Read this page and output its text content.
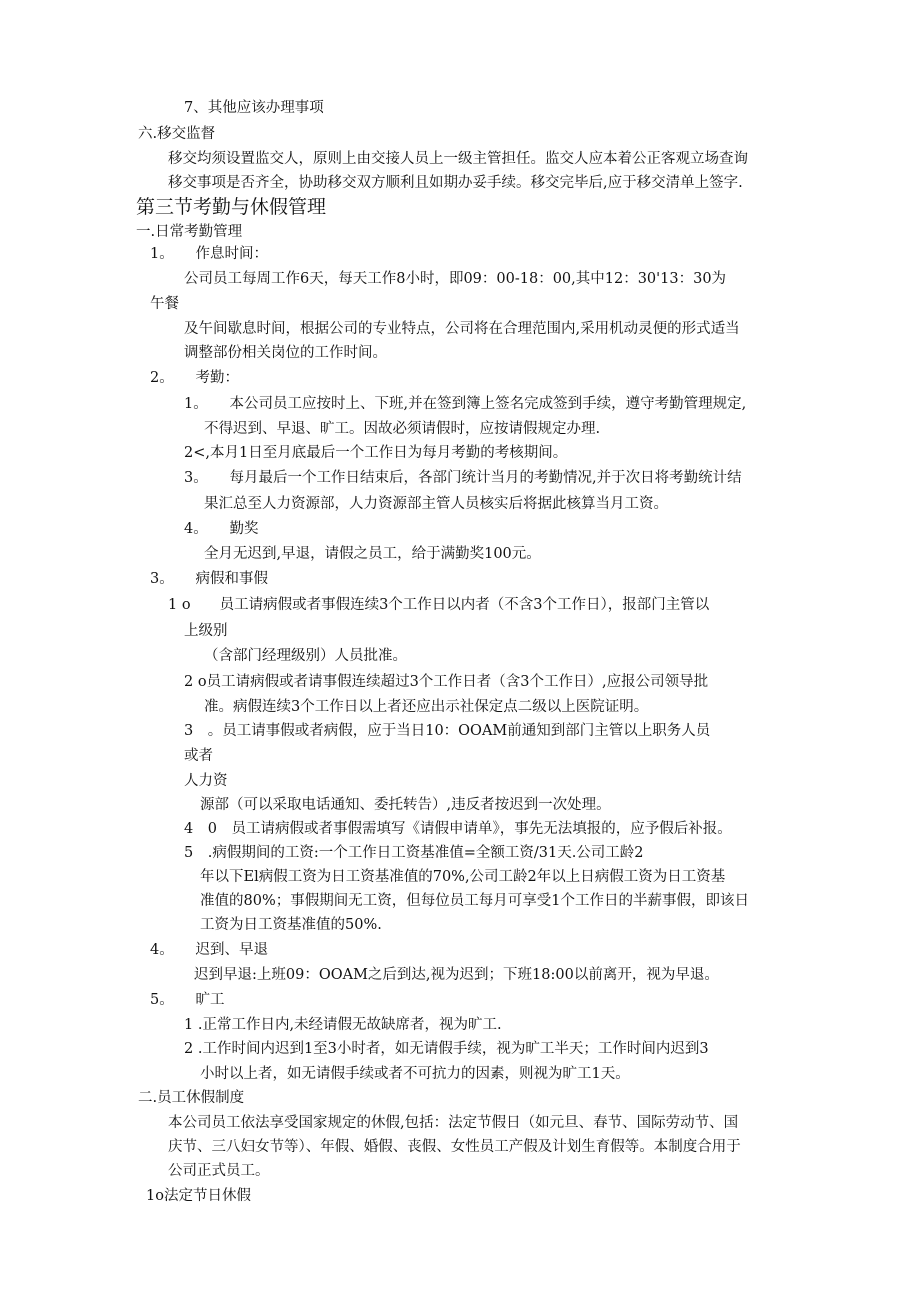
7、其他应该办理事项
六.移交监督
移交均须设置监交人，原则上由交接人员上一级主管担任。监交人应本着公正客观立场查询
移交事项是否齐全，协助移交双方顺利且如期办妥手续。移交完毕后,应于移交清单上签字.
第三节考勤与休假管理
一.日常考勤管理
1。　　作息时间：
公司员工每周工作6天，每天工作8小时，即09：00-18：00,其中12：30'13：30为
午餐
及午间歇息时间，根据公司的专业特点，公司将在合理范围内,采用机动灵便的形式适当
调整部份相关岗位的工作时间。
2。　　考勤：
1。　　本公司员工应按时上、下班,并在签到簿上签名完成签到手续，遵守考勤管理规定,
不得迟到、早退、旷工。因故必须请假时，应按请假规定办理.
2<,本月1日至月底最后一个工作日为每月考勤的考核期间。
3。　　每月最后一个工作日结束后，各部门统计当月的考勤情况,并于次日将考勤统计结
果汇总至人力资源部，人力资源部主管人员核实后将据此核算当月工资。
4。　　勤奖
全月无迟到,早退，请假之员工，给于满勤奖100元。
3。　　病假和事假
1 o　　员工请病假或者事假连续3个工作日以内者（不含3个工作日），报部门主管以
上级别
（含部门经理级别）人员批准。
2 o员工请病假或者请事假连续超过3个工作日者（含3个工作日）,应报公司领导批
准。病假连续3个工作日以上者还应出示社保定点二级以上医院证明。
3　。员工请事假或者病假，应于当日10：OOAM前通知到部门主管以上职务人员
或者
人力资
源部（可以采取电话通知、委托转告）,违反者按迟到一次处理。
4　0　员工请病假或者事假需填写《请假申请单》，事先无法填报的，应予假后补报。
5　.病假期间的工资:一个工作日工资基准值=全额工资/31天.公司工龄2
年以下El病假工资为日工资基准值的70%,公司工龄2年以上日病假工资为日工资基
准值的80%；事假期间无工资，但每位员工每月可享受1个工作日的半薪事假，即该日
工资为日工资基准值的50%.
4。　　迟到、早退
迟到早退:上班09：OOAM之后到达,视为迟到；下班18:00以前离开，视为早退。
5。　　旷工
1 .正常工作日内,未经请假无故缺席者，视为旷工.
2 .工作时间内迟到1至3小时者，如无请假手续，视为旷工半天；工作时间内迟到3
小时以上者，如无请假手续或者不可抗力的因素，则视为旷工1天。
二.员工休假制度
本公司员工依法享受国家规定的休假,包括：法定节假日（如元旦、春节、国际劳动节、国
庆节、三八妇女节等）、年假、婚假、丧假、女性员工产假及计划生育假等。本制度合用于
公司正式员工。
1o法定节日休假
